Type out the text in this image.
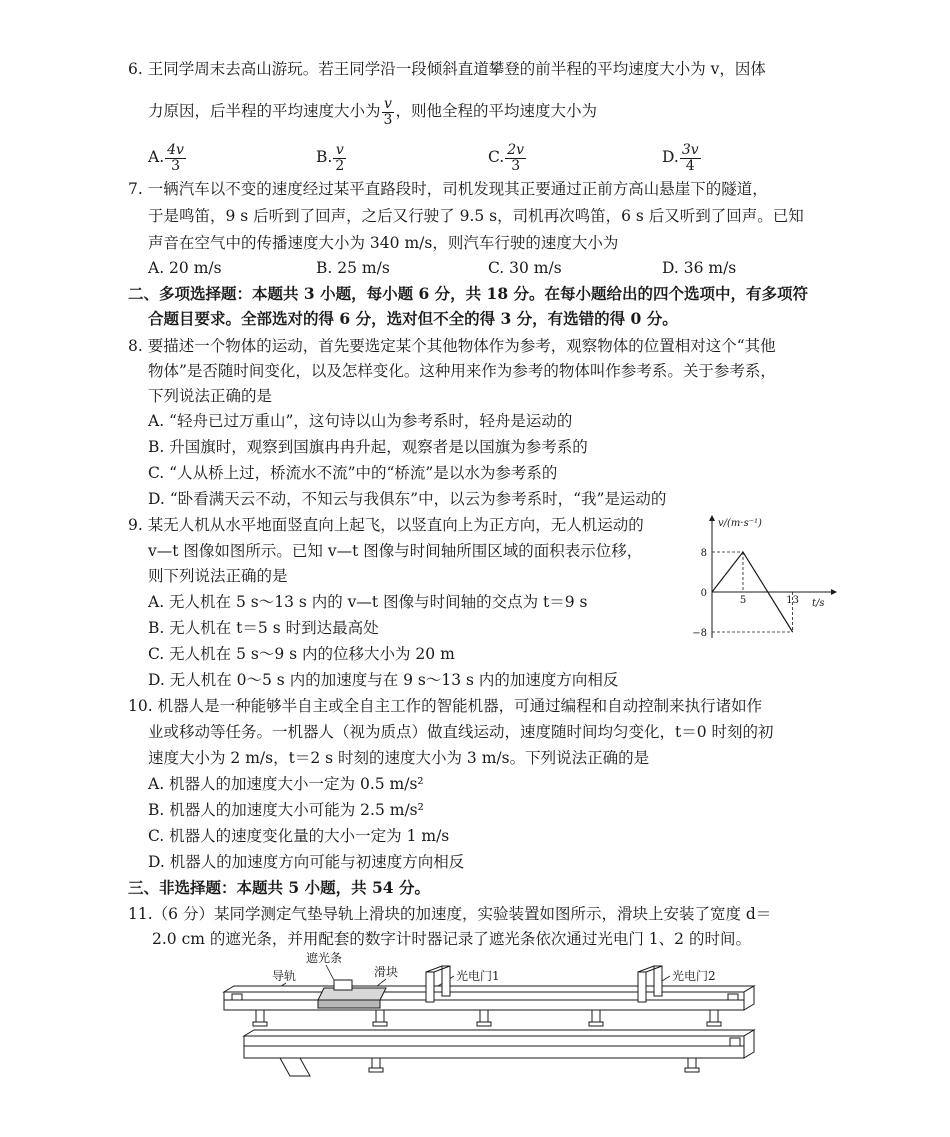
6. 王同学周末去高山游玩。若王同学沿一段倾斜直道攀登的前半程的平均速度大小为 v，因体
力原因，后半程的平均速度大小为 $\frac{v}{3}$ ，则他全程的平均速度大小为
A. $\frac{4v}{3}$	B. $\frac{v}{2}$	C. $\frac{2v}{3}$	D. $\frac{3v}{4}$
7. 一辆汽车以不变的速度经过某平直路段时，司机发现其正要通过正前方高山悬崖下的隧道，
于是鸣笛，9 s 后听到了回声，之后又行驶了 9.5 s，司机再次鸣笛，6 s 后又听到了回声。已知
声音在空气中的传播速度大小为 340 m/s，则汽车行驶的速度大小为
A. 20 m/s	B. 25 m/s	C. 30 m/s	D. 36 m/s
二、多项选择题：本题共 3 小题，每小题 6 分，共 18 分。在每小题给出的四个选项中，有多项符
合题目要求。全部选对的得 6 分，选对但不全的得 3 分，有选错的得 0 分。
8. 要描述一个物体的运动，首先要选定某个其他物体作为参考，观察物体的位置相对这个“其他
物体”是否随时间变化，以及怎样变化。这种用来作为参考的物体叫作参考系。关于参考系，
下列说法正确的是
A. “轻舟已过万重山”，这句诗以山为参考系时，轻舟是运动的
B. 升国旗时，观察到国旗冉冉升起，观察者是以国旗为参考系的
C. “人从桥上过，桥流水不流”中的“桥流”是以水为参考系的
D. “卧看满天云不动，不知云与我俱东”中，以云为参考系时，“我”是运动的
9. 某无人机从水平地面竖直向上起飞，以竖直向上为正方向，无人机运动的
v—t 图像如图所示。已知 v—t 图像与时间轴所围区域的面积表示位移，
则下列说法正确的是
A. 无人机在 5 s～13 s 内的 v—t 图像与时间轴的交点为 t＝9 s
B. 无人机在 t＝5 s 时到达最高处
C. 无人机在 5 s～9 s 内的位移大小为 20 m
D. 无人机在 0～5 s 内的加速度与在 9 s～13 s 内的加速度方向相反
v/(m·s⁻¹)
t/s
8
0
−8
5	13
10. 机器人是一种能够半自主或全自主工作的智能机器，可通过编程和自动控制来执行诸如作
业或移动等任务。一机器人（视为质点）做直线运动，速度随时间均匀变化，t＝0 时刻的初
速度大小为 2 m/s，t＝2 s 时刻的速度大小为 3 m/s。下列说法正确的是
A. 机器人的加速度大小一定为 0.5 m/s²
B. 机器人的加速度大小可能为 2.5 m/s²
C. 机器人的速度变化量的大小一定为 1 m/s
D. 机器人的加速度方向可能与初速度方向相反
三、非选择题：本题共 5 小题，共 54 分。
11.（6 分）某同学测定气垫导轨上滑块的加速度，实验装置如图所示，滑块上安装了宽度 d＝
2.0 cm 的遮光条，并用配套的数字计时器记录了遮光条依次通过光电门 1、2 的时间。
遮光条
滑块
导轨	光电门1	光电门2
